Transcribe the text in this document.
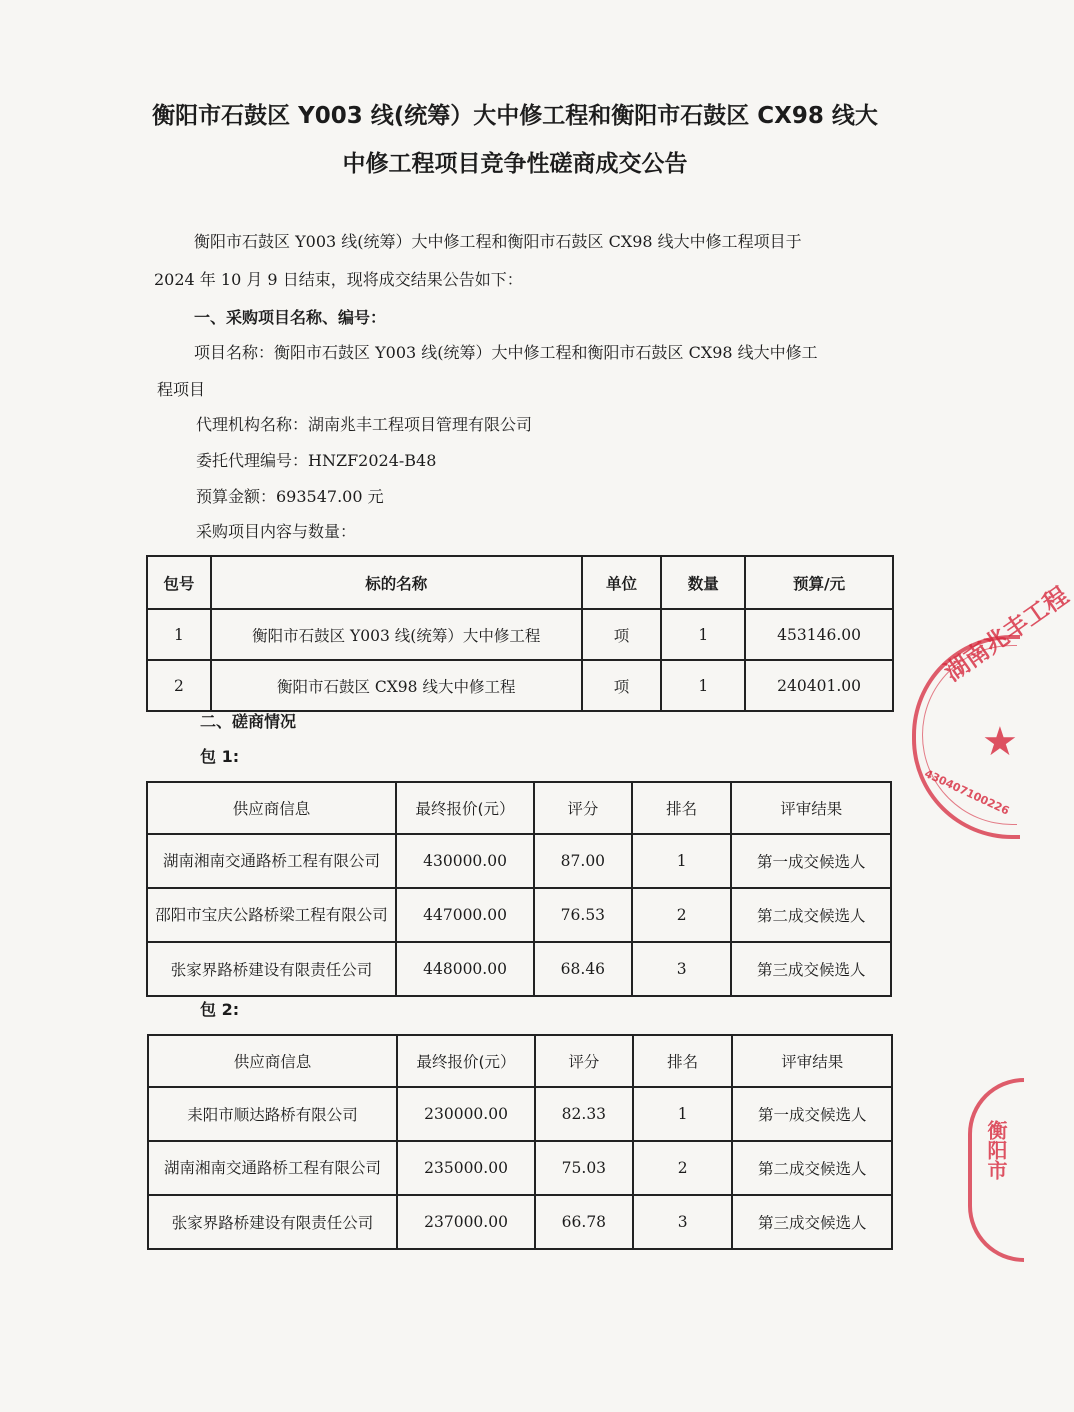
衡阳市石鼓区 Y003 线(统筹）大中修工程和衡阳市石鼓区 CX98 线大
中修工程项目竞争性磋商成交公告
衡阳市石鼓区 Y003 线(统筹）大中修工程和衡阳市石鼓区 CX98 线大中修工程项目于
2024 年 10 月 9 日结束，现将成交结果公告如下：
一、采购项目名称、编号：
项目名称：衡阳市石鼓区 Y003 线(统筹）大中修工程和衡阳市石鼓区 CX98 线大中修工
程项目
代理机构名称：湖南兆丰工程项目管理有限公司
委托代理编号：HNZF2024-B48
预算金额：693547.00 元
采购项目内容与数量：
包号	标的名称	单位	数量	预算/元
1	衡阳市石鼓区 Y003 线(统筹）大中修工程	项	1	453146.00
2	衡阳市石鼓区 CX98 线大中修工程	项	1	240401.00
二、磋商情况
包 1:
供应商信息	最终报价(元）	评分	排名	评审结果
湖南湘南交通路桥工程有限公司	430000.00	87.00	1	第一成交候选人
邵阳市宝庆公路桥梁工程有限公司	447000.00	76.53	2	第二成交候选人
张家界路桥建设有限责任公司	448000.00	68.46	3	第三成交候选人
包 2:
供应商信息	最终报价(元）	评分	排名	评审结果
耒阳市顺达路桥有限公司	230000.00	82.33	1	第一成交候选人
湖南湘南交通路桥工程有限公司	235000.00	75.03	2	第二成交候选人
张家界路桥建设有限责任公司	237000.00	66.78	3	第三成交候选人
湖南兆丰工程
★
430407100226
衡阳市
